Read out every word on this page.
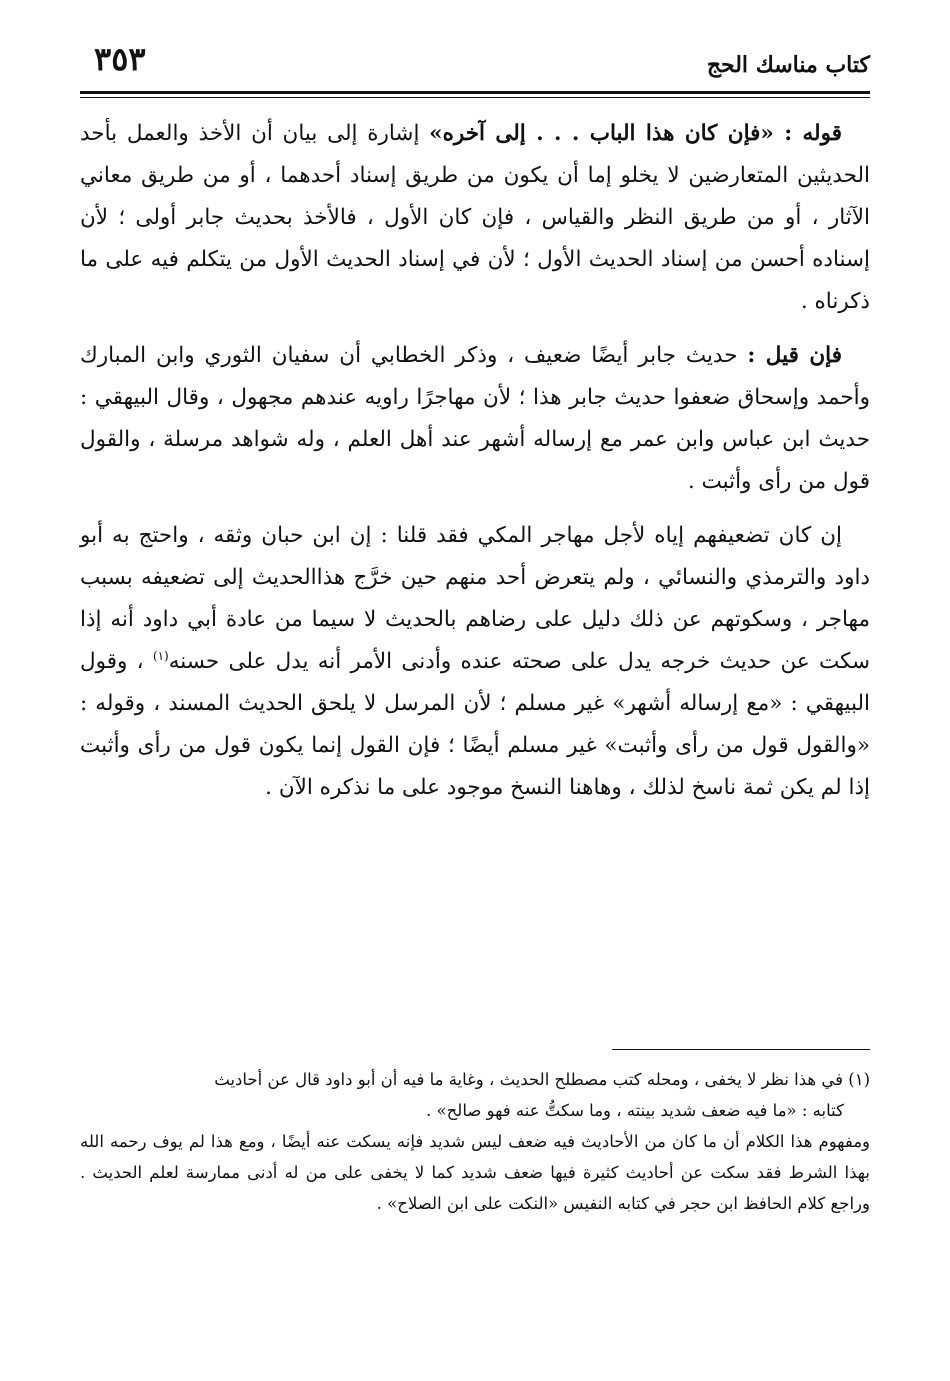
كتاب مناسك الحج
٣٥٣

قوله : «فإن كان هذا الباب . . . إلى آخره» إشارة إلى بيان أن الأخذ والعمل بأحد الحديثين المتعارضين لا يخلو إما أن يكون من طريق إسناد أحدهما ، أو من طريق معاني الآثار ، أو من طريق النظر والقياس ، فإن كان الأول ، فالأخذ بحديث جابر أولى ؛ لأن إسناده أحسن من إسناد الحديث الأول ؛ لأن في إسناد الحديث الأول من يتكلم فيه على ما ذكرناه .

فإن قيل : حديث جابر أيضًا ضعيف ، وذكر الخطابي أن سفيان الثوري وابن المبارك وأحمد وإسحاق ضعفوا حديث جابر هذا ؛ لأن مهاجرًا راويه عندهم مجهول ، وقال البيهقي : حديث ابن عباس وابن عمر مع إرساله أشهر عند أهل العلم ، وله شواهد مرسلة ، والقول قول من رأى وأثبت .

إن كان تضعيفهم إياه لأجل مهاجر المكي فقد قلنا : إن ابن حبان وثقه ، واحتج به أبو داود والترمذي والنسائي ، ولم يتعرض أحد منهم حين خرَّج هذاالحديث إلى تضعيفه بسبب مهاجر ، وسكوتهم عن ذلك دليل على رضاهم بالحديث لا سيما من عادة أبي داود أنه إذا سكت عن حديث خرجه يدل على صحته عنده وأدنى الأمر أنه يدل على حسنه$^{(١)}$ ، وقول البيهقي : «مع إرساله أشهر» غير مسلم ؛ لأن المرسل لا يلحق الحديث المسند ، وقوله : «والقول قول من رأى وأثبت» غير مسلم أيضًا ؛ فإن القول إنما يكون قول من رأى وأثبت إذا لم يكن ثمة ناسخ لذلك ، وهاهنا النسخ موجود على ما نذكره الآن .

(١) في هذا نظر لا يخفى ، ومحله كتب مصطلح الحديث ، وغاية ما فيه أن أبو داود قال عن أحاديث

كتابه : «ما فيه ضعف شديد بينته ، وما سكتُّ عنه فهو صالح» .

ومفهوم هذا الكلام أن ما كان من الأحاديث فيه ضعف ليس شديد فإنه يسكت عنه أيضًا ، ومع هذا لم يوف رحمه الله بهذا الشرط فقد سكت عن أحاديث كثيرة فيها ضعف شديد كما لا يخفى على من له أدنى ممارسة لعلم الحديث . وراجع كلام الحافظ ابن حجر في كتابه النفيس «النكت على ابن الصلاح» .
